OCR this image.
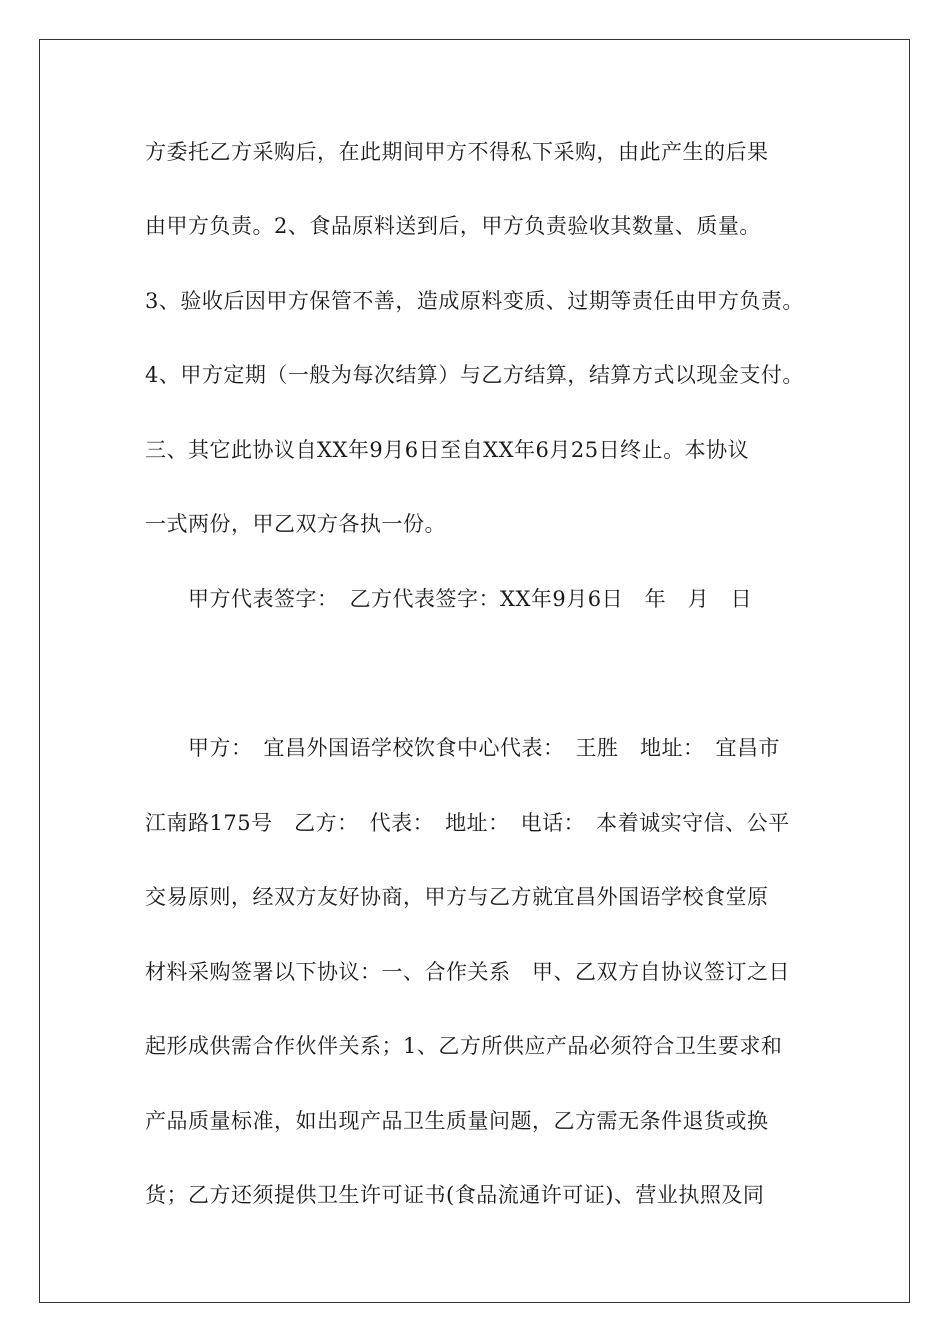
方委托乙方采购后，在此期间甲方不得私下采购，由此产生的后果
由甲方负责。2、食品原料送到后，甲方负责验收其数量、质量。
3、验收后因甲方保管不善，造成原料变质、过期等责任由甲方负责。
4、甲方定期（一般为每次结算）与乙方结算，结算方式以现金支付。
三、其它此协议自XX年9月6日至自XX年6月25日终止。本协议
一式两份，甲乙双方各执一份。
　　甲方代表签字：　乙方代表签字：XX年9月6日　年　月　日
　　甲方：　宜昌外国语学校饮食中心代表：　王胜　地址：　宜昌市
江南路175号　乙方：　代表：　地址：　电话：　本着诚实守信、公平
交易原则，经双方友好协商，甲方与乙方就宜昌外国语学校食堂原
材料采购签署以下协议：一、合作关系　甲、乙双方自协议签订之日
起形成供需合作伙伴关系；1、乙方所供应产品必须符合卫生要求和
产品质量标准，如出现产品卫生质量问题，乙方需无条件退货或换
货；乙方还须提供卫生许可证书(食品流通许可证)、营业执照及同
